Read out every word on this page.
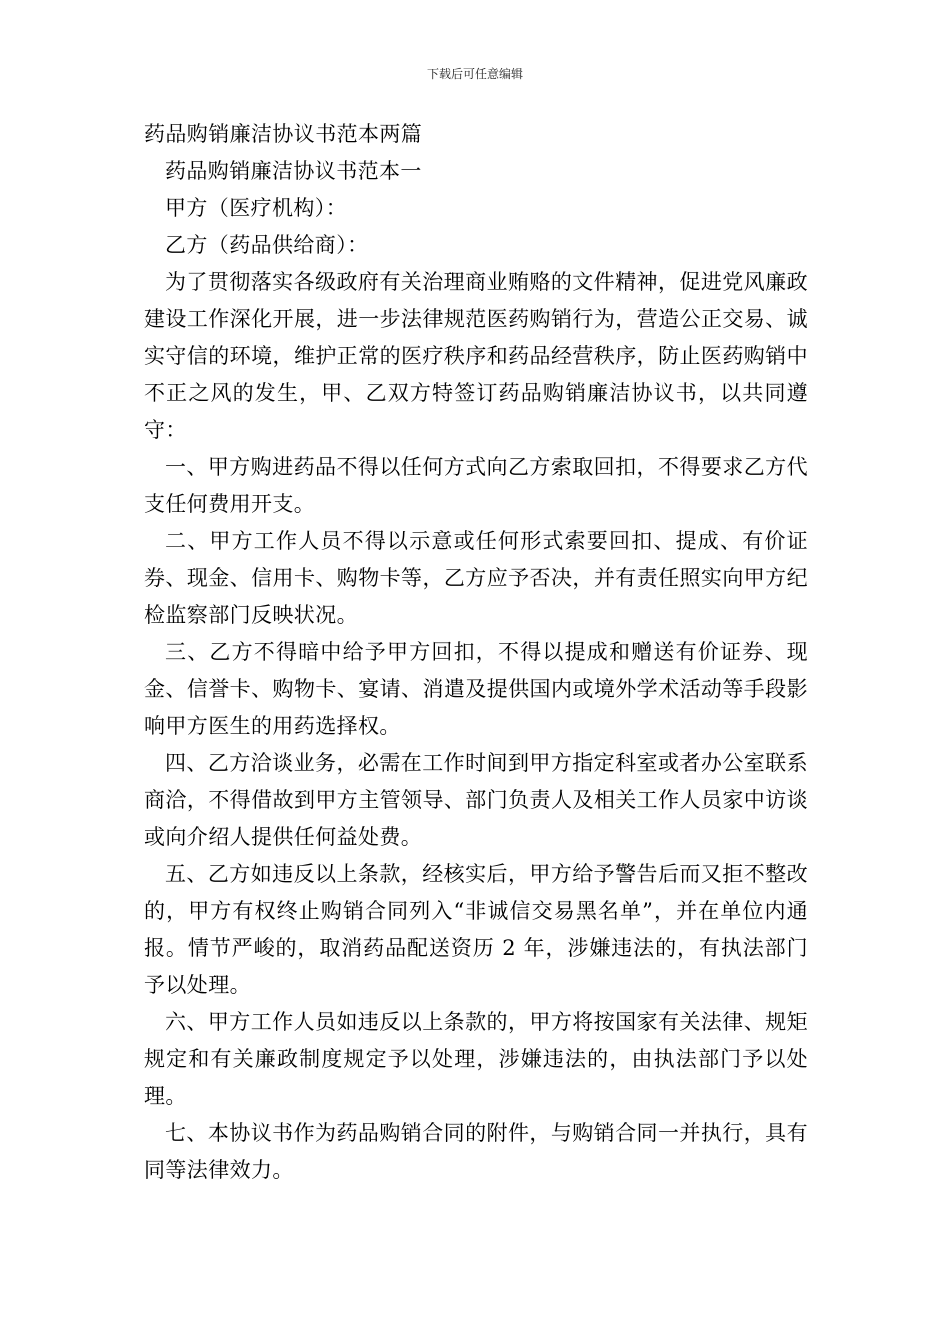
下载后可任意编辑

药品购销廉洁协议书范本两篇

药品购销廉洁协议书范本一

甲方（医疗机构）：

乙方（药品供给商）：

为了贯彻落实各级政府有关治理商业贿赂的文件精神，促进党风廉政建设工作深化开展，进一步法律规范医药购销行为，营造公正交易、诚实守信的环境，维护正常的医疗秩序和药品经营秩序，防止医药购销中不正之风的发生，甲、乙双方特签订药品购销廉洁协议书，以共同遵守：

一、甲方购进药品不得以任何方式向乙方索取回扣，不得要求乙方代支任何费用开支。

二、甲方工作人员不得以示意或任何形式索要回扣、提成、有价证券、现金、信用卡、购物卡等，乙方应予否决，并有责任照实向甲方纪检监察部门反映状况。

三、乙方不得暗中给予甲方回扣，不得以提成和赠送有价证券、现金、信誉卡、购物卡、宴请、消遣及提供国内或境外学术活动等手段影响甲方医生的用药选择权。

四、乙方洽谈业务，必需在工作时间到甲方指定科室或者办公室联系商洽，不得借故到甲方主管领导、部门负责人及相关工作人员家中访谈或向介绍人提供任何益处费。

五、乙方如违反以上条款，经核实后，甲方给予警告后而又拒不整改的，甲方有权终止购销合同列入“非诚信交易黑名单”，并在单位内通报。情节严峻的，取消药品配送资历 2 年，涉嫌违法的，有执法部门予以处理。

六、甲方工作人员如违反以上条款的，甲方将按国家有关法律、规矩规定和有关廉政制度规定予以处理，涉嫌违法的，由执法部门予以处理。

七、本协议书作为药品购销合同的附件，与购销合同一并执行，具有同等法律效力。
